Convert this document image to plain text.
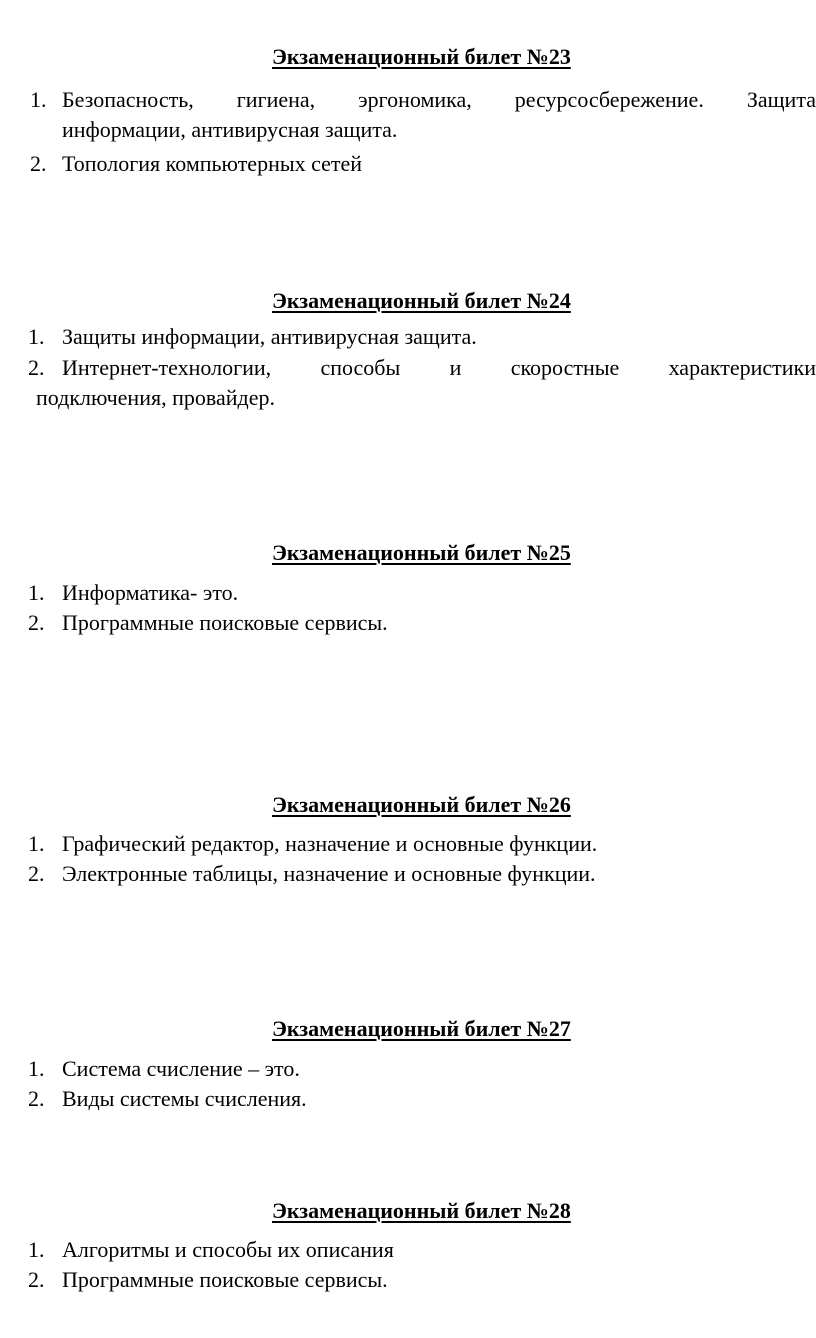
Экзаменационный билет №23
1. Безопасность, гигиена, эргономика, ресурсосбережение. Защита
информации, антивирусная защита.
2. Топология компьютерных сетей
Экзаменационный билет №24
1. Защиты информации, антивирусная защита.
2. Интернет-технологии, способы и скоростные характеристики
подключения, провайдер.
Экзаменационный билет №25
1. Информатика- это.
2. Программные поисковые сервисы.
Экзаменационный билет №26
1. Графический редактор, назначение и основные функции.
2. Электронные таблицы, назначение и основные функции.
Экзаменационный билет №27
1. Система счисление – это.
2. Виды системы счисления.
Экзаменационный билет №28
1. Алгоритмы и способы их описания
2. Программные поисковые сервисы.
